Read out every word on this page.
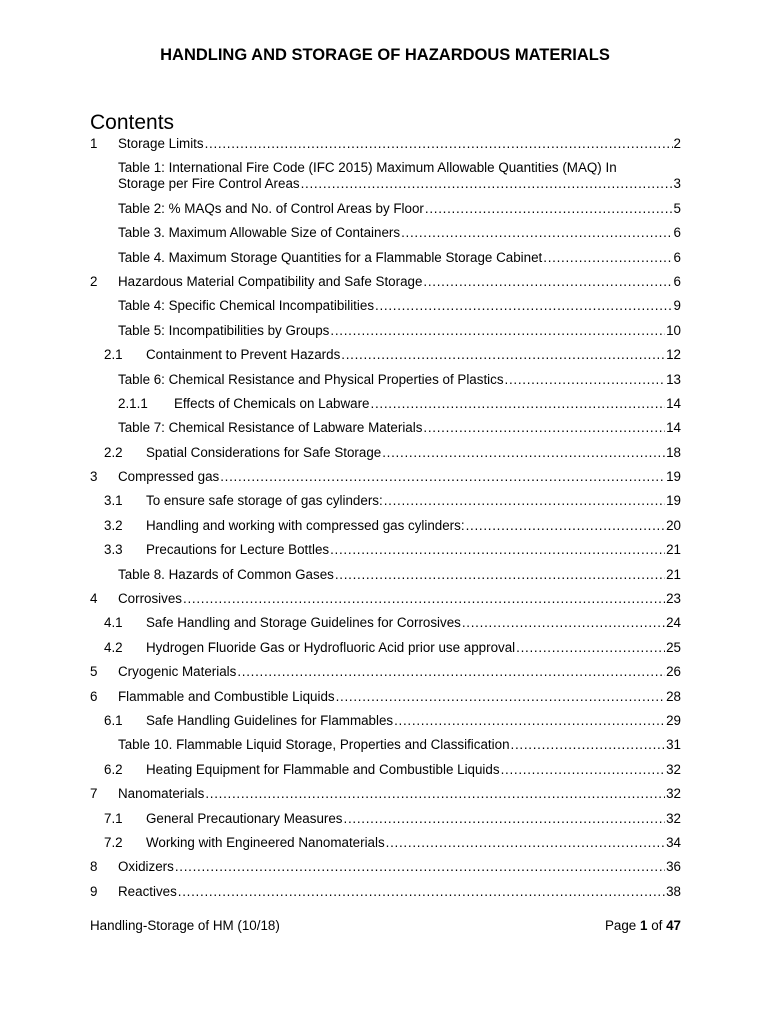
HANDLING AND STORAGE OF HAZARDOUS MATERIALS
Contents
1	Storage Limits . . .	2
Table 1: International Fire Code (IFC 2015) Maximum Allowable Quantities (MAQ) In
Storage per Fire Control Areas . . .	3
Table 2: % MAQs and No. of Control Areas by Floor . . .	5
Table 3. Maximum Allowable Size of Containers . . .	6
Table 4. Maximum Storage Quantities for a Flammable Storage Cabinet . . .	6
2	Hazardous Material Compatibility and Safe Storage . . .	6
Table 4: Specific Chemical Incompatibilities . . .	9
Table 5: Incompatibilities by Groups . . .	10
2.1	Containment to Prevent Hazards . . .	12
Table 6: Chemical Resistance and Physical Properties of Plastics . . .	13
2.1.1	Effects of Chemicals on Labware . . .	14
Table 7: Chemical Resistance of Labware Materials . . .	14
2.2	Spatial Considerations for Safe Storage . . .	18
3	Compressed gas . . .	19
3.1	To ensure safe storage of gas cylinders: . . .	19
3.2	Handling and working with compressed gas cylinders: . . .	20
3.3	Precautions for Lecture Bottles . . .	21
Table 8. Hazards of Common Gases . . .	21
4	Corrosives . . .	23
4.1	Safe Handling and Storage Guidelines for Corrosives . . .	24
4.2	Hydrogen Fluoride Gas or Hydrofluoric Acid prior use approval . . .	25
5	Cryogenic Materials . . .	26
6	Flammable and Combustible Liquids . . .	28
6.1	Safe Handling Guidelines for Flammables . . .	29
Table 10. Flammable Liquid Storage, Properties and Classification . . .	31
6.2	Heating Equipment for Flammable and Combustible Liquids . . .	32
7	Nanomaterials . . .	32
7.1	General Precautionary Measures . . .	32
7.2	Working with Engineered Nanomaterials . . .	34
8	Oxidizers . . .	36
9	Reactives . . .	38
Handling-Storage of HM (10/18)	Page 1 of 47
